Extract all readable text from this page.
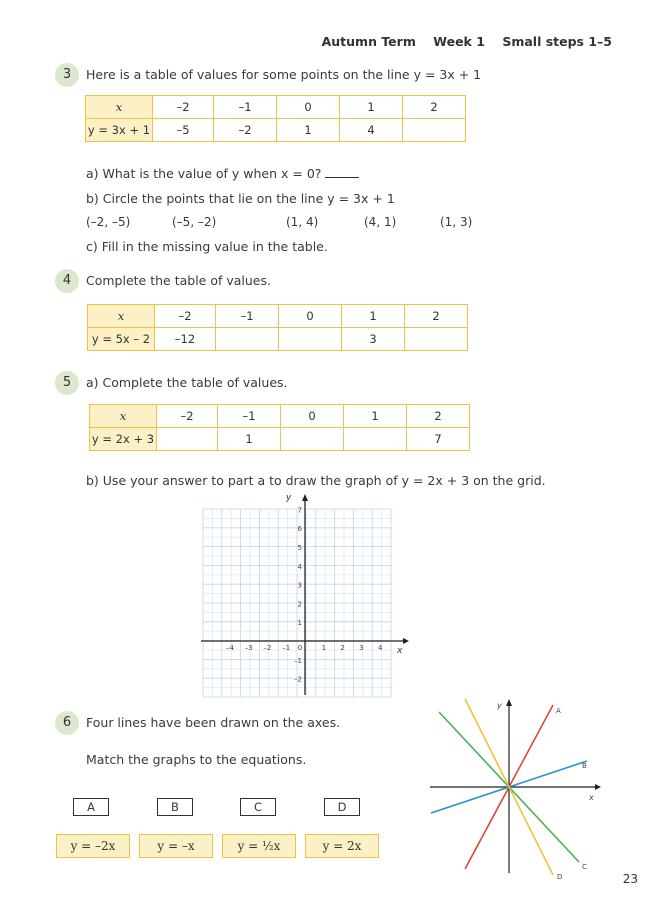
Autumn Term    Week 1    Small steps 1–5
3	Here is a table of values for some points on the line y = 3x + 1
x	–2	–1	0	1	2
y = 3x + 1	–5	–2	1	4	
a) What is the value of y when x = 0?
b) Circle the points that lie on the line y = 3x + 1
(–2, –5)	(–5, –2)	(1, 4)	(4, 1)	(1, 3)
c) Fill in the missing value in the table.
4	Complete the table of values.
x	–2	–1	0	1	2
y = 5x – 2	–12			3	
5	a) Complete the table of values.
x	–2	–1	0	1	2
y = 2x + 3		1			7
b) Use your answer to part a to draw the graph of y = 2x + 3 on the grid.
x
y
–4 –3 –2 –1 0	1 2 3 4
7
6
5
4
3
2
1
–1
–2
6	Four lines have been drawn on the axes.
Match the graphs to the equations.
A	B	C	D
y = –2x	y = –x	y = ½x	y = 2x
x
y
A
B
C
D	23
